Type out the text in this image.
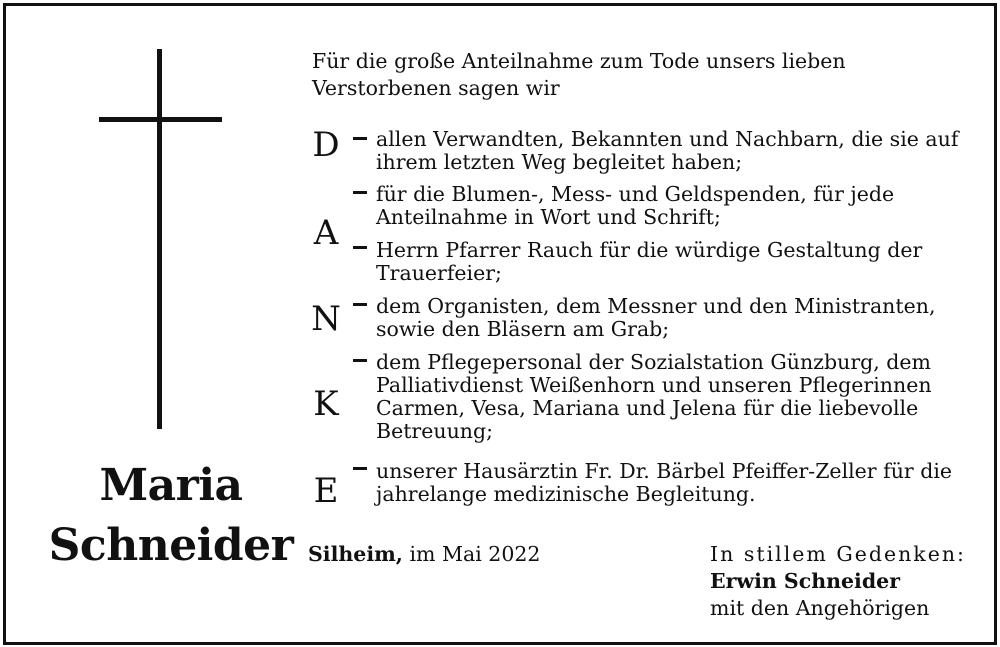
Maria
Schneider
Für die große Anteilnahme zum Tode unsers lieben Verstorbenen sagen wir
D
A
N
K
E
allen Verwandten, Bekannten und Nachbarn, die sie auf ihrem letzten Weg begleitet haben;
für die Blumen-, Mess- und Geldspenden, für jede Anteilnahme in Wort und Schrift;
Herrn Pfarrer Rauch für die würdige Gestaltung der Trauerfeier;
dem Organisten, dem Messner und den Ministranten, sowie den Bläsern am Grab;
dem Pflegepersonal der Sozialstation Günzburg, dem Palliativdienst Weißenhorn und unseren Pflegerinnen Carmen, Vesa, Mariana und Jelena für die liebevolle Betreuung;
unserer Hausärztin Fr. Dr. Bärbel Pfeiffer-Zeller für die jahrelange medizinische Begleitung.
Silheim, im Mai 2022	In stillem Gedenken:
Erwin Schneider
mit den Angehörigen
